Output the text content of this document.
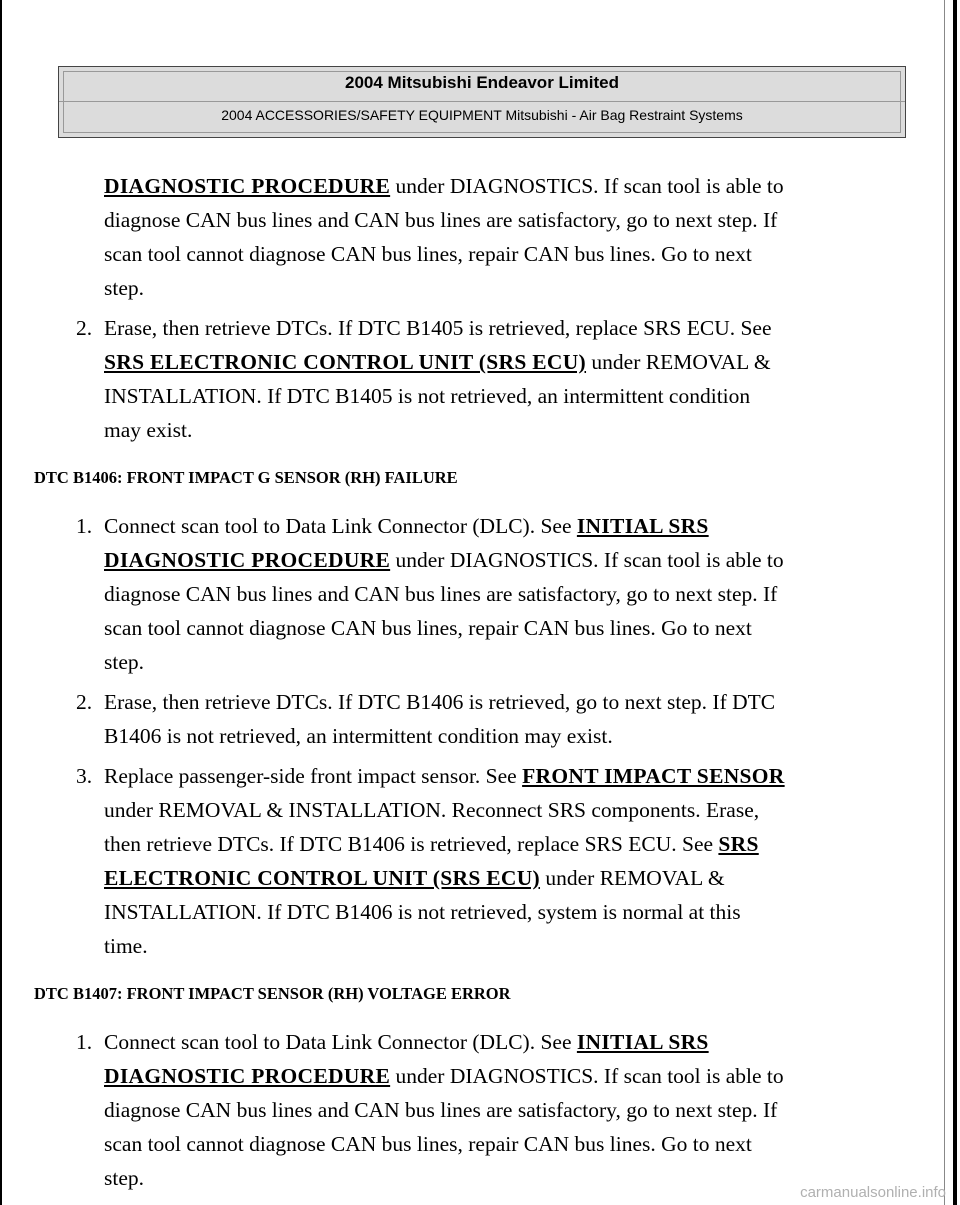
2004 Mitsubishi Endeavor Limited
2004 ACCESSORIES/SAFETY EQUIPMENT Mitsubishi - Air Bag Restraint Systems
DIAGNOSTIC PROCEDURE under DIAGNOSTICS. If scan tool is able to
diagnose CAN bus lines and CAN bus lines are satisfactory, go to next step. If
scan tool cannot diagnose CAN bus lines, repair CAN bus lines. Go to next
step.
2. Erase, then retrieve DTCs. If DTC B1405 is retrieved, replace SRS ECU. See
SRS ELECTRONIC CONTROL UNIT (SRS ECU) under REMOVAL &
INSTALLATION. If DTC B1405 is not retrieved, an intermittent condition
may exist.
DTC B1406: FRONT IMPACT G SENSOR (RH) FAILURE
1. Connect scan tool to Data Link Connector (DLC). See INITIAL SRS
DIAGNOSTIC PROCEDURE under DIAGNOSTICS. If scan tool is able to
diagnose CAN bus lines and CAN bus lines are satisfactory, go to next step. If
scan tool cannot diagnose CAN bus lines, repair CAN bus lines. Go to next
step.
2. Erase, then retrieve DTCs. If DTC B1406 is retrieved, go to next step. If DTC
B1406 is not retrieved, an intermittent condition may exist.
3. Replace passenger-side front impact sensor. See FRONT IMPACT SENSOR
under REMOVAL & INSTALLATION. Reconnect SRS components. Erase,
then retrieve DTCs. If DTC B1406 is retrieved, replace SRS ECU. See SRS
ELECTRONIC CONTROL UNIT (SRS ECU) under REMOVAL &
INSTALLATION. If DTC B1406 is not retrieved, system is normal at this
time.
DTC B1407: FRONT IMPACT SENSOR (RH) VOLTAGE ERROR
1. Connect scan tool to Data Link Connector (DLC). See INITIAL SRS
DIAGNOSTIC PROCEDURE under DIAGNOSTICS. If scan tool is able to
diagnose CAN bus lines and CAN bus lines are satisfactory, go to next step. If
scan tool cannot diagnose CAN bus lines, repair CAN bus lines. Go to next
step.
carmanualsonline.info
